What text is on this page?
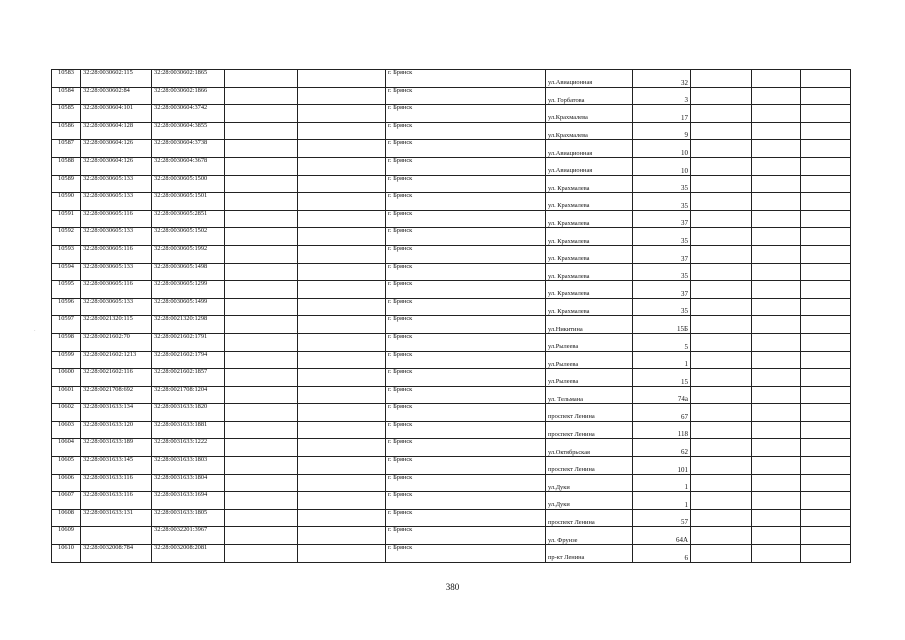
·
10583	32:28:0030602:115	32:28:0030602:1865			г. Брянск	ул.Авиационная	32			
10584	32:28:0030602:84	32:28:0030602:1866			г. Брянск	ул. Горбатова	3			
10585	32:28:0030604:101	32:28:0030604:3742			г. Брянск	ул.Крахмалева	17			
10586	32:28:0030604:128	32:28:0030604:3855			г. Брянск	ул.Крахмалева	9			
10587	32:28:0030604:126	32:28:0030604:3738			г. Брянск	ул.Авиационная	10			
10588	32:28:0030604:126	32:28:0030604:3678			г. Брянск	ул.Авиационная	10			
10589	32:28:0030605:133	32:28:0030605:1500			г. Брянск	ул. Крахмалева	35			
10590	32:28:0030605:133	32:28:0030605:1501			г. Брянск	ул. Крахмалева	35			
10591	32:28:0030605:116	32:28:0030605:2851			г. Брянск	ул. Крахмалева	37			
10592	32:28:0030605:133	32:28:0030605:1502			г. Брянск	ул. Крахмалева	35			
10593	32:28:0030605:116	32:28:0030605:1992			г. Брянск	ул. Крахмалева	37			
10594	32:28:0030605:133	32:28:0030605:1498			г. Брянск	ул. Крахмалева	35			
10595	32:28:0030605:116	32:28:0030605:1299			г. Брянск	ул. Крахмалева	37			
10596	32:28:0030605:133	32:28:0030605:1499			г. Брянск	ул. Крахмалева	35			
10597	32:28:0021320:115	32:28:0021320:1298			г. Брянск	ул.Никитина	15Б			
10598	32:28:0021602:70	32:28:0021602:1791			г. Брянск	ул.Рылеева	5			
10599	32:28:0021602:1213	32:28:0021602:1794			г. Брянск	ул.Рылеева	1			
10600	32:28:0021602:116	32:28:0021602:1857			г. Брянск	ул.Рылеева	15			
10601	32:28:0021708:692	32:28:0021708:1204			г. Брянск	ул. Тельмана	74а			
10602	32:28:0031633:134	32:28:0031633:1820			г. Брянск	проспект Ленина	67			
10603	32:28:0031633:120	32:28:0031633:1881			г. Брянск	проспект Ленина	118			
10604	32:28:0031633:189	32:28:0031633:1222			г. Брянск	ул.Октябрьская	62			
10605	32:28:0031633:145	32:28:0031633:1803			г. Брянск	проспект Ленина	101			
10606	32:28:0031633:116	32:28:0031633:1804			г. Брянск	ул.Дуки	1			
10607	32:28:0031633:116	32:28:0031633:1694			г. Брянск	ул.Дуки	1			
10608	32:28:0031633:131	32:28:0031633:1805			г. Брянск	проспект Ленина	57			
10609		32:28:0032201:3967			г. Брянск	ул. Фрунзе	64А			
10610	32:28:0032008:784	32:28:0032008:2081			г. Брянск	пр-кт Ленина	6			
380
